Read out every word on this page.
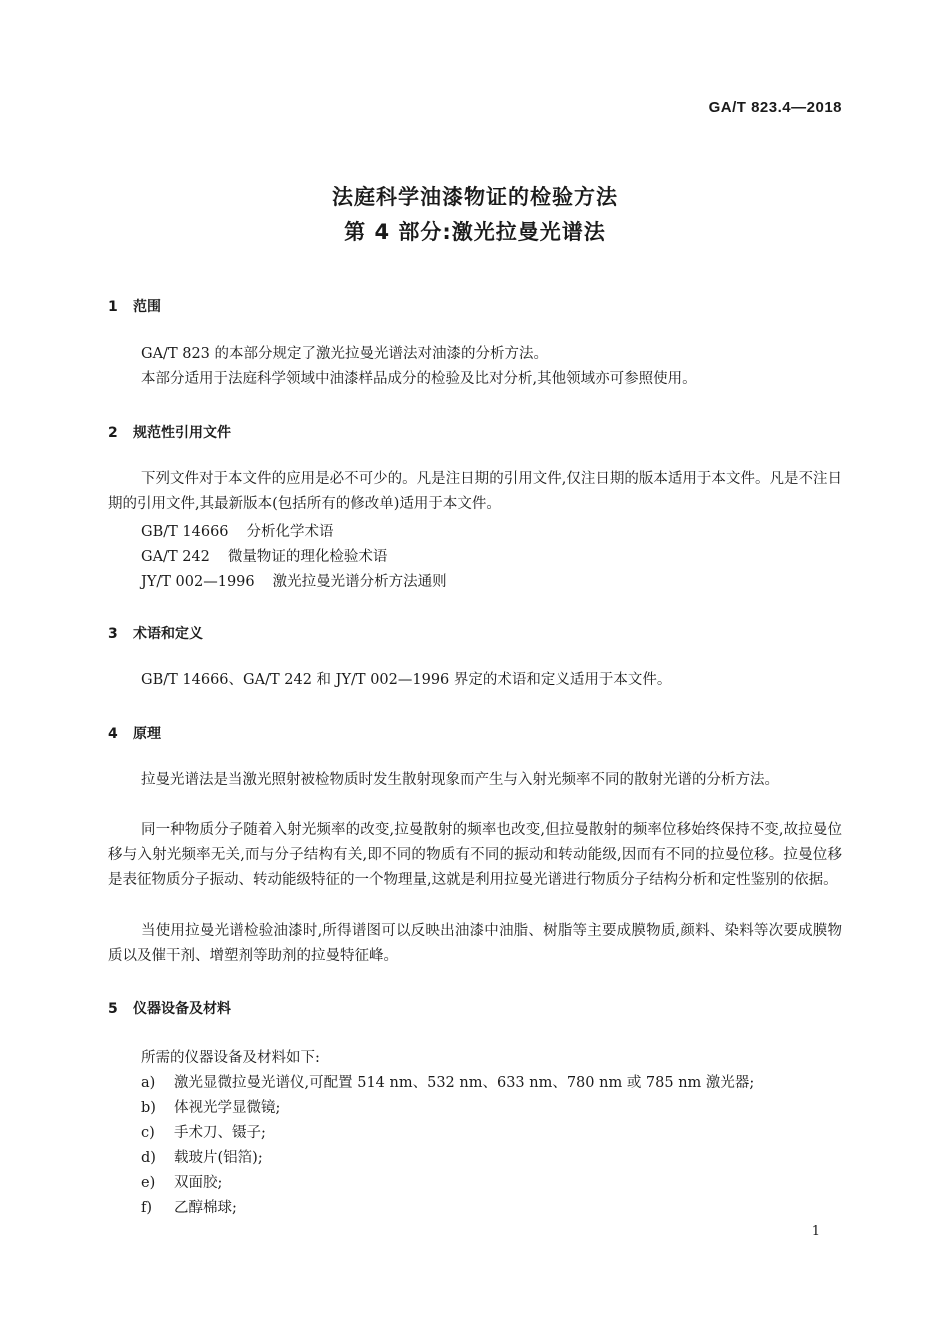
GA/T 823.4—2018
法庭科学油漆物证的检验方法
第 4 部分:激光拉曼光谱法
1 范围

GA/T 823 的本部分规定了激光拉曼光谱法对油漆的分析方法。

本部分适用于法庭科学领域中油漆样品成分的检验及比对分析,其他领域亦可参照使用。

2 规范性引用文件

下列文件对于本文件的应用是必不可少的。凡是注日期的引用文件,仅注日期的版本适用于本文件。凡是不注日期的引用文件,其最新版本(包括所有的修改单)适用于本文件。

GB/T 14666 分析化学术语
GA/T 242 微量物证的理化检验术语
JY/T 002—1996 激光拉曼光谱分析方法通则
3 术语和定义

GB/T 14666、GA/T 242 和 JY/T 002—1996 界定的术语和定义适用于本文件。

4 原理

拉曼光谱法是当激光照射被检物质时发生散射现象而产生与入射光频率不同的散射光谱的分析方法。

同一种物质分子随着入射光频率的改变,拉曼散射的频率也改变,但拉曼散射的频率位移始终保持不变,故拉曼位移与入射光频率无关,而与分子结构有关,即不同的物质有不同的振动和转动能级,因而有不同的拉曼位移。拉曼位移是表征物质分子振动、转动能级特征的一个物理量,这就是利用拉曼光谱进行物质分子结构分析和定性鉴别的依据。

当使用拉曼光谱检验油漆时,所得谱图可以反映出油漆中油脂、树脂等主要成膜物质,颜料、染料等次要成膜物质以及催干剂、增塑剂等助剂的拉曼特征峰。

5 仪器设备及材料
所需的仪器设备及材料如下:
a) 激光显微拉曼光谱仪,可配置 514 nm、532 nm、633 nm、780 nm 或 785 nm 激光器;
b) 体视光学显微镜;
c) 手术刀、镊子;
d) 载玻片(铝箔);
e) 双面胶;
f) 乙醇棉球;
1
